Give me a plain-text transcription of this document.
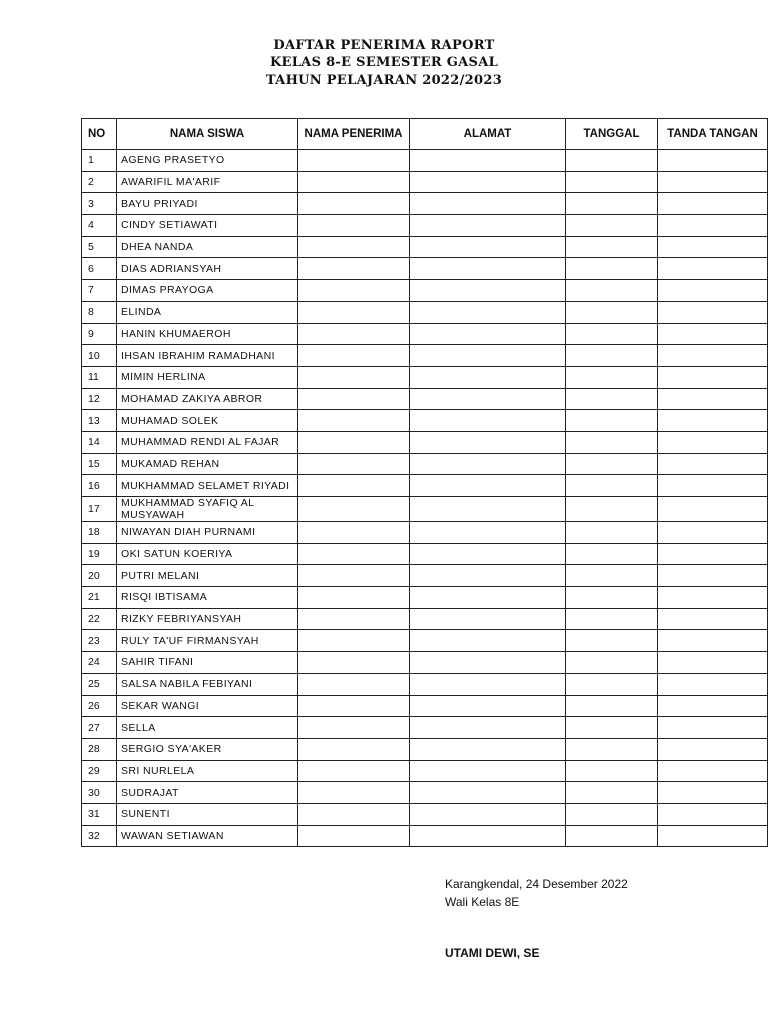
DAFTAR PENERIMA RAPORT
KELAS 8-E SEMESTER GASAL
TAHUN PELAJARAN 2022/2023
NO	NAMA SISWA	NAMA PENERIMA	ALAMAT	TANGGAL	TANDA TANGAN
1	AGENG PRASETYO				
2	AWARIFIL MA'ARIF				
3	BAYU PRIYADI				
4	CINDY SETIAWATI				
5	DHEA NANDA				
6	DIAS ADRIANSYAH				
7	DIMAS PRAYOGA				
8	ELINDA				
9	HANIN KHUMAEROH				
10	IHSAN IBRAHIM RAMADHANI				
11	MIMIN HERLINA				
12	MOHAMAD ZAKIYA ABROR				
13	MUHAMAD SOLEK				
14	MUHAMMAD RENDI AL FAJAR				
15	MUKAMAD REHAN				
16	MUKHAMMAD SELAMET RIYADI				
17	MUKHAMMAD SYAFIQ AL MUSYAWAH				
18	NIWAYAN DIAH PURNAMI				
19	OKI SATUN KOERIYA				
20	PUTRI MELANI				
21	RISQI IBTISAMA				
22	RIZKY FEBRIYANSYAH				
23	RULY TA'UF FIRMANSYAH				
24	SAHIR TIFANI				
25	SALSA NABILA FEBIYANI				
26	SEKAR WANGI				
27	SELLA				
28	SERGIO SYA'AKER				
29	SRI NURLELA				
30	SUDRAJAT				
31	SUNENTI				
32	WAWAN SETIAWAN				
Karangkendal, 24 Desember 2022
Wali Kelas 8E
UTAMI DEWI, SE
